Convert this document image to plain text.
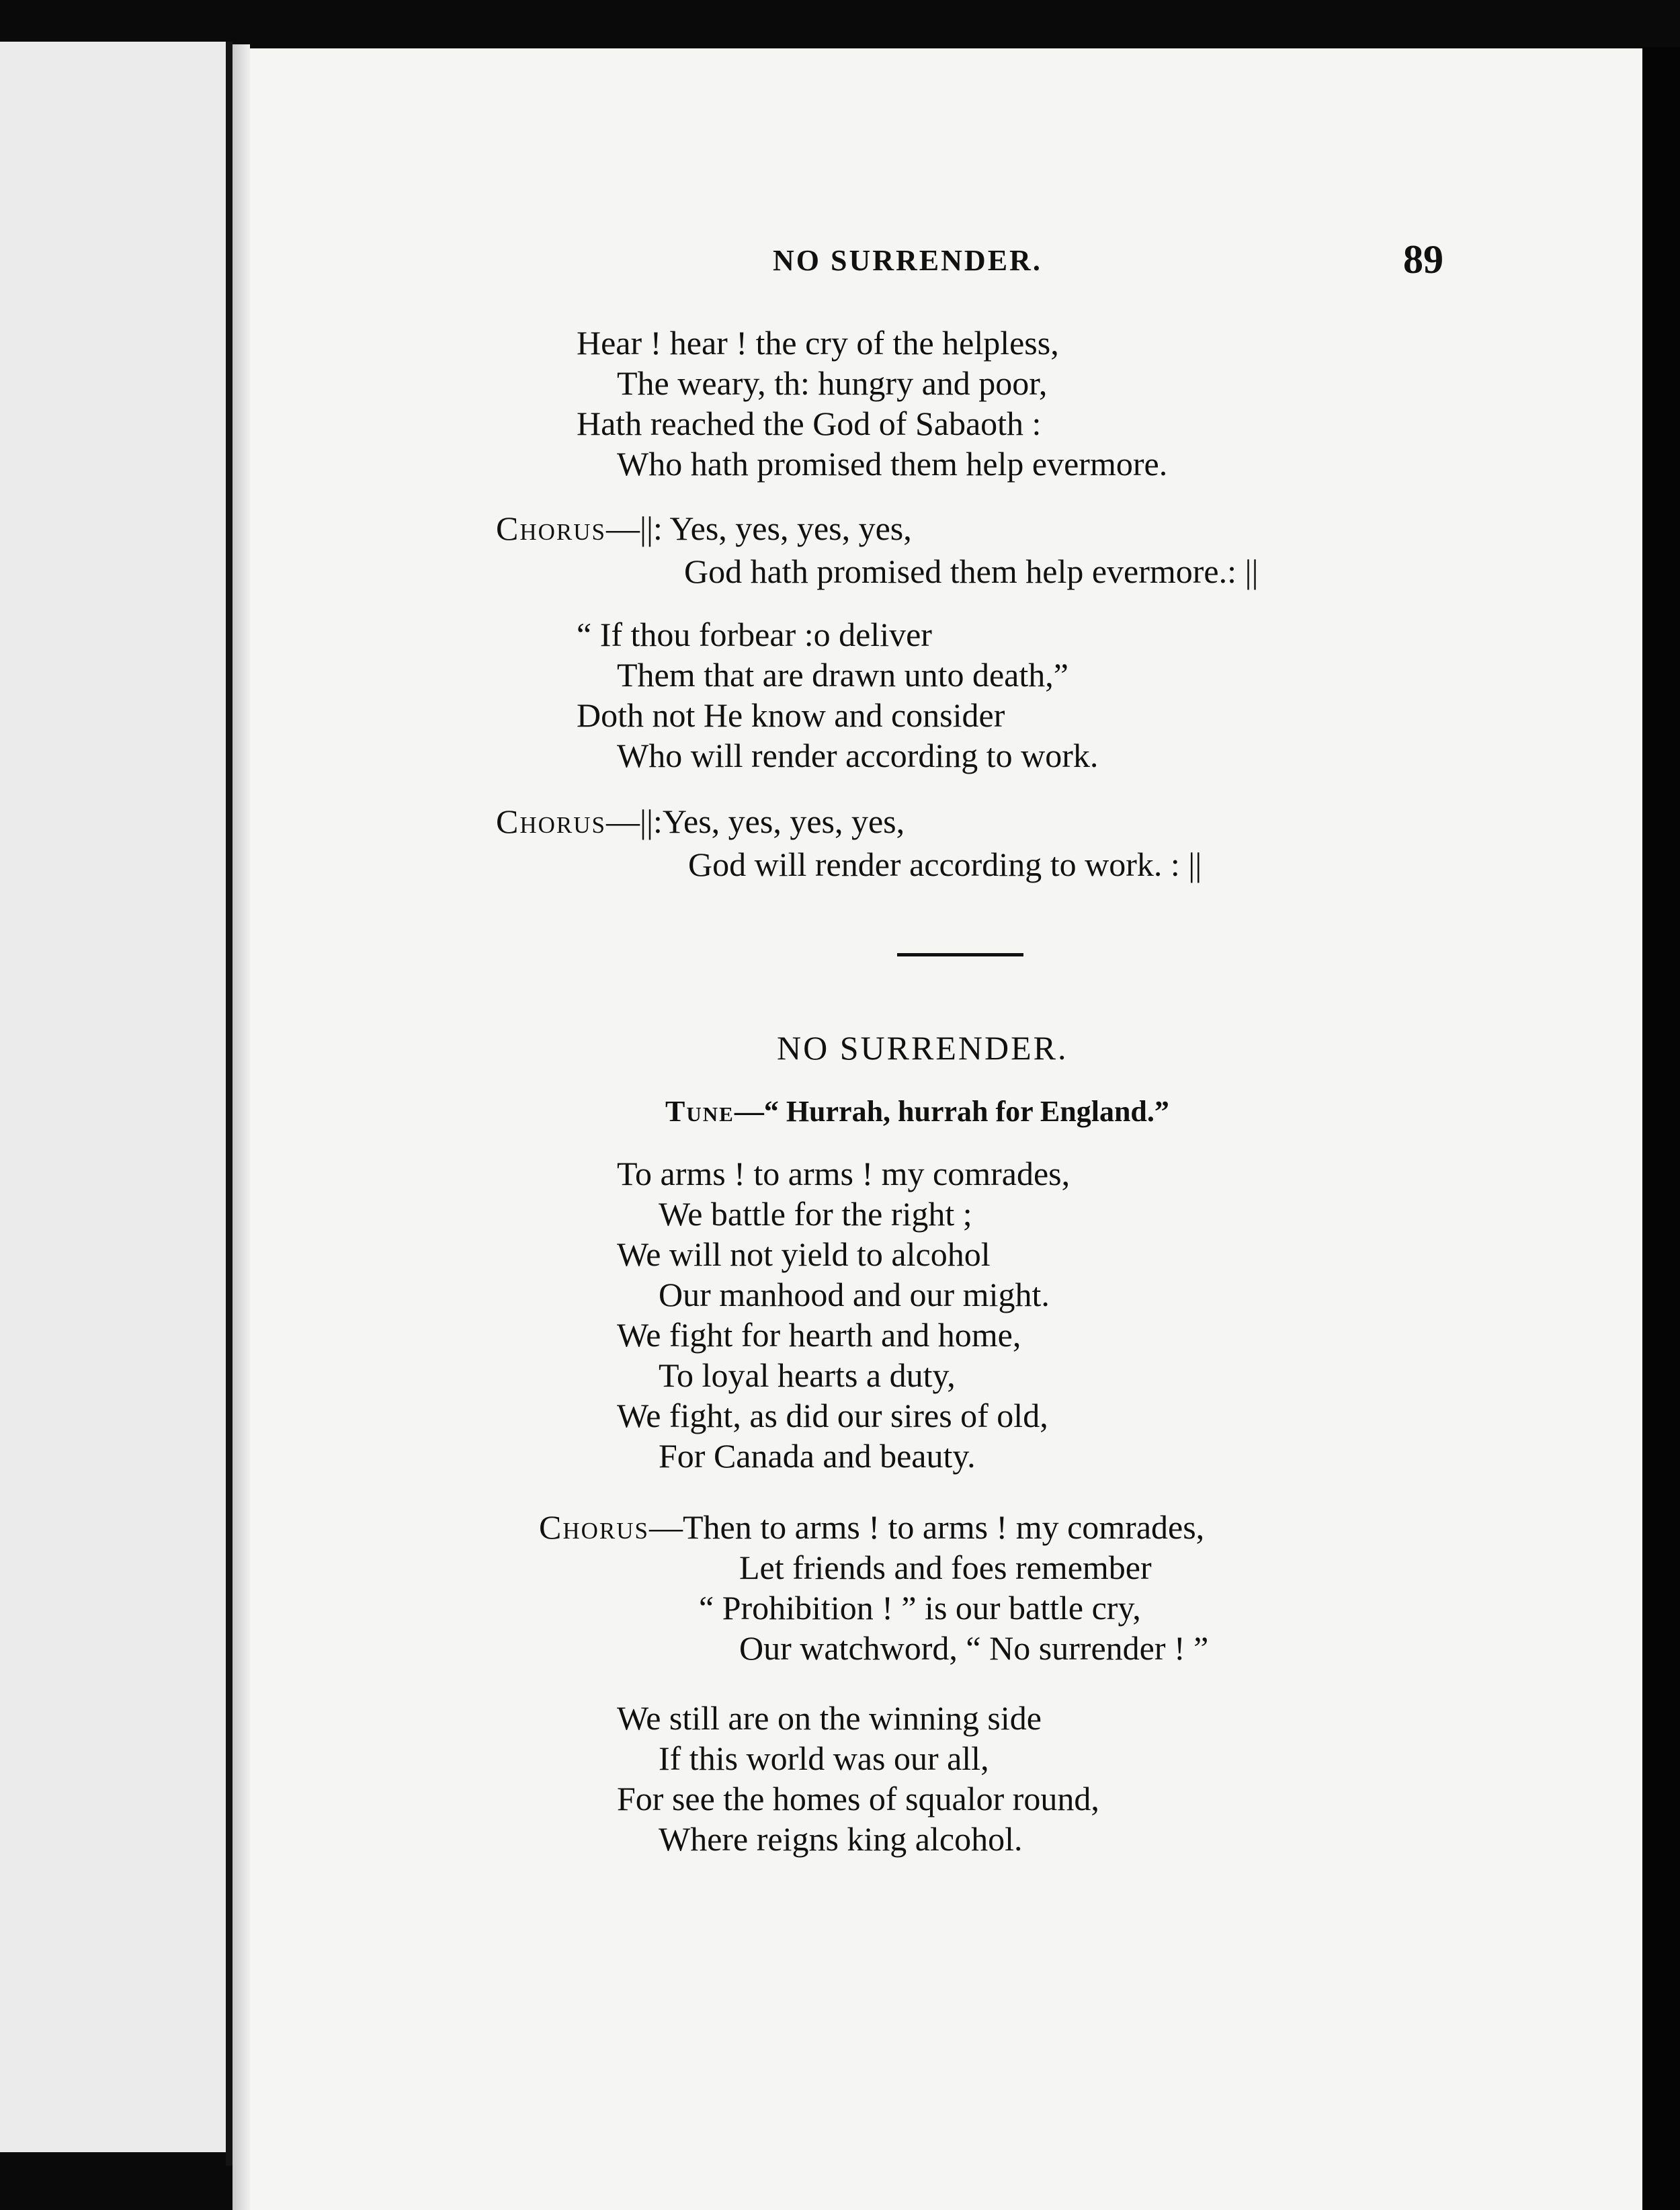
NO SURRENDER.	89
Hear ! hear ! the cry of the helpless,
The weary, th: hungry and poor,
Hath reached the God of Sabaoth :
Who hath promised them help evermore.
Chorus—||: Yes, yes, yes, yes,
God hath promised them help evermore.: ||
“ If thou forbear :o deliver
Them that are drawn unto death,”
Doth not He know and consider
Who will render according to work.
Chorus—||:Yes, yes, yes, yes,
God will render according to work. : ||
NO SURRENDER.
Tune—“ Hurrah, hurrah for England.”
To arms ! to arms ! my comrades,
We battle for the right ;
We will not yield to alcohol
Our manhood and our might.
We fight for hearth and home,
To loyal hearts a duty,
We fight, as did our sires of old,
For Canada and beauty.
Chorus—Then to arms ! to arms ! my comrades,
Let friends and foes remember
“ Prohibition ! ” is our battle cry,
Our watchword, “ No surrender ! ”
We still are on the winning side
If this world was our all,
For see the homes of squalor round,
Where reigns king alcohol.
